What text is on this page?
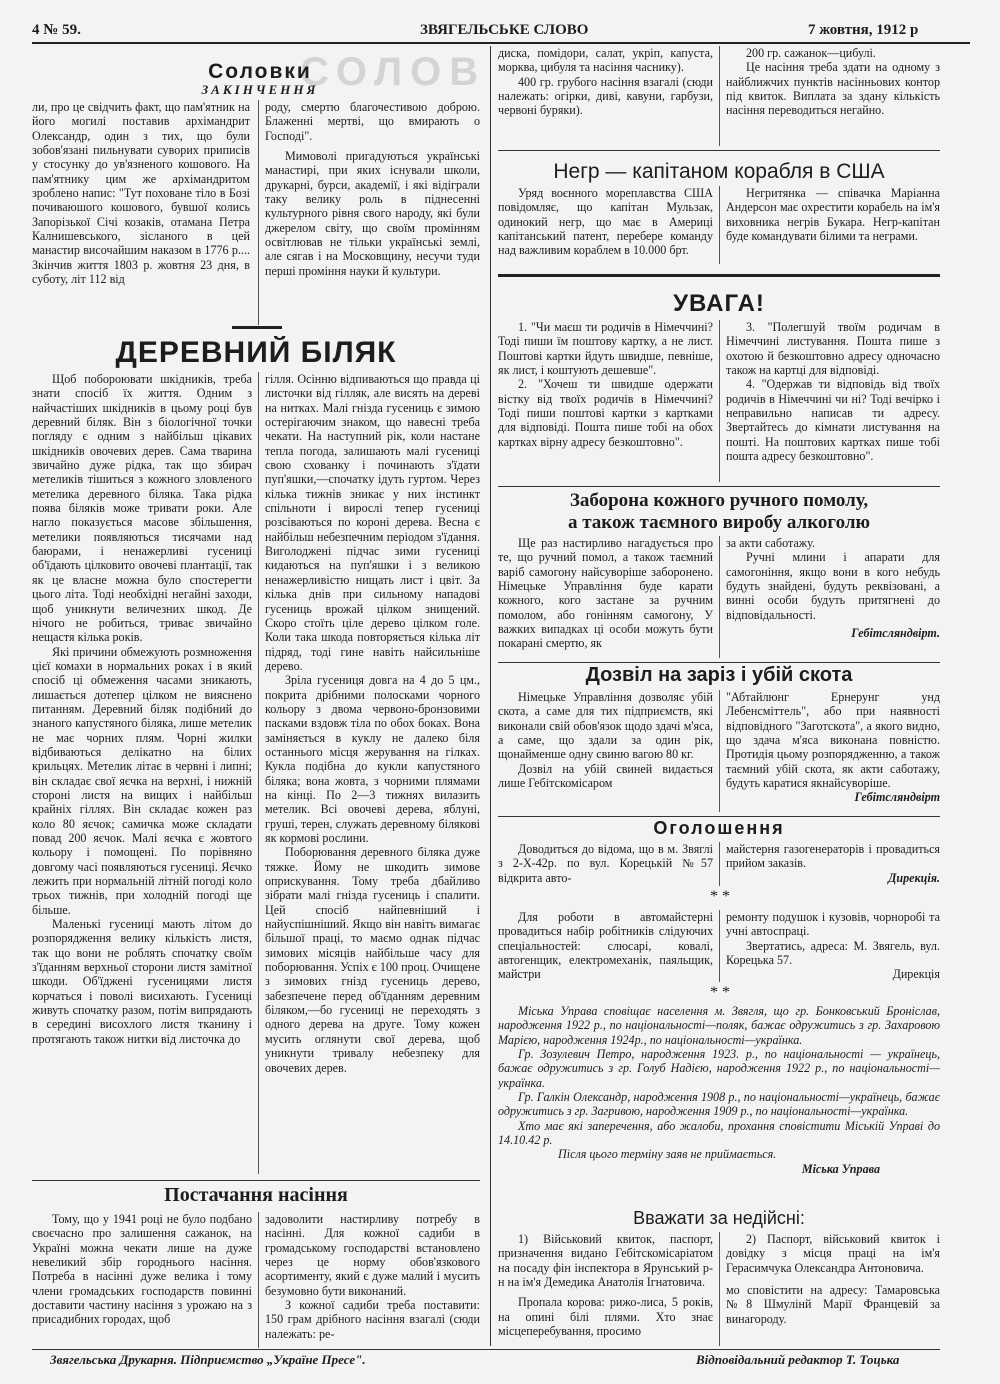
4 № 59.	ЗВЯГЕЛЬСЬКЕ СЛОВО	7 жовтня, 1912 р
СОЛОВ
Соловки
ЗАКІНЧЕННЯ

ли, про це свідчить факт, що пам'ятник на його могилі поставив архімандрит Олександр, один з тих, що були зобов'язані пильнувати суворих приписів у стосунку до ув'язненого кошового. На пам'ятнику цим же архімандритом зроблено напис: "Тут поховане тіло в Бозі почиваюшого кошового, бувшої колись Запорізької Січі козаків, отамана Петра Калнишевського, зісланого в цей манастир височайшим наказом в 1776 р.... Зкінчив життя 1803 р. жовтня 23 дня, в суботу, літ 112 від

роду, смертю благочестивою доброю. Блаженні мертві, що вмирають о Господі".

Мимоволі пригадуються українські манастирі, при яких існували школи, друкарні, бурси, академії, і які відіграли таку велику роль в піднесенні культурного рівня свого народу, які були джерелом світу, що своїм промінням освітлював не тільки українські землі, але сягав і на Московщину, несучи туди перші проміння науки й культури.

ДЕРЕВНИЙ БІЛЯК

Щоб побороювати шкідників, треба знати спосіб їх життя. Одним з найчастіших шкідників в цьому році був деревний біляк. Він з біологічної точки погляду є одним з найбільш цікавих шкідників овочевих дерев. Сама тварина звичайно дуже рідка, так що збирач метеликів тішиться з кожного зловленого метелика деревного біляка. Така рідка поява біляків може тривати роки. Але нагло показується масове збільшення, метелики появляються тисячами над баюрами, і ненажерливі гусениці об'їдають цілковито овочеві плантації, так як це власне можна було спостерегти цього літа. Тоді необхідні негайні заходи, щоб уникнути величезних шкод. Де нічого не робиться, триває звичайно нещастя кілька років.

Які причини обмежують розмноження цієї комахи в нормальних роках і в який спосіб ці обмеження часами зникають, лишається дотепер цілком не вияснено питанням. Деревний біляк подібний до знаного капустяного біляка, лише метелик не має чорних плям. Чорні жилки відбиваються делікатно на білих крильцях. Метелик літає в червні і липні; він складає свої яєчка на верхні, і нижній стороні листя на вищих і найбільш крайніх гіллях. Він складає кожен раз коло 80 яєчок; самичка може складати повад 200 яєчок. Малі яєчка є жовтого кольору і помощені. По порівняно довгому часі появляються гусениці. Яєчко лежить при нормальній літній погоді коло трьох тижнів, при холодній погоді ще більше.

Маленькі гусениці мають літом до розпорядження велику кількість листя, так що вони не роблять спочатку своїм з'їданням верхньої сторони листя замітної шкоди. Об'їджені гусеницями листя корчаться і поволі висихають. Гусениці живуть спочатку разом, потім випрядають в середині висохлого листя тканину і протягають також нитки від листочка до

гілля. Осінню відпиваються що правда ці листочки від гілляк, але висять на дереві на нитках. Малі гнізда гусениць є зимою остерігаючим знаком, що навесні треба чекати. На наступний рік, коли настане тепла погода, залишають малі гусениці свою схованку і починають з'їдати пуп'яшки,—спочатку ідуть гуртом. Через кілька тижнів зникає у них інстинкт спільноти і вирослі тепер гусениці розсіваються по короні дерева. Весна є найбільш небезпечним періодом з'їдання. Виголоджені підчас зими гусениці кидаються на пуп'яшки і з великою ненажерливістю нищать лист і цвіт. За кілька днів при сильному нападові гусениць врожай цілком знищений. Скоро стоїть ціле дерево цілком голе. Коли така шкода повторяється кілька літ підряд, тоді гине навіть найсильніше дерево.

Зріла гусениця довга на 4 до 5 цм., покрита дрібними полосками чорного кольору з двома червоно-бронзовими пасками вздовж тіла по обох боках. Вона заміняється в куклу не далеко біля останнього місця жерування на гілках. Кукла подібна до кукли капустяного біляка; вона жовта, з чорними плямами на кінці. По 2—3 тижнях вилазить метелик. Всі овочеві дерева, яблуні, груші, терен, служать деревному білякові як кормові рослини.

Поборювання деревного біляка дуже тяжке. Йому не шкодить зимове оприскування. Тому треба дбайливо зібрати малі гнізда гусениць і спалити. Цей спосіб найпевніший і найуспішніший. Якщо він навіть вимагає більшої праці, то маємо однак підчас зимових місяців найбільше часу для поборювання. Успіх є 100 проц. Очищене з зимових гнізд гусениць дерево, забезпечене перед об'їданням деревним біляком,—бо гусениці не переходять з одного дерева на друге. Тому кожен мусить оглянути свої дерева, щоб уникнути тривалу небезпеку для овочевих дерев.

Постачання насіння

Тому, що у 1941 році не було подбано своєчасно про залишення сажанок, на Україні можна чекати лише на дуже невеликий збір городнього насіння. Потреба в насінні дуже велика і тому члени громадських господарств повинні доставити частину насіння з урожаю на з присадибних городах, щоб

задоволити настирливу потребу в насінні. Для кожної садиби в громадському господарстві встановлено через це норму обов'язкового асортименту, який є дуже малий і мусить безумовно бути виконаний.

З кожної садиби треба поставити: 150 грам дрібного насіння взагалі (сюди належать: ре-

диска, помідори, салат, укріп, капуста, морква, цибуля та насіння часнику).

400 гр. грубого насіння взагалі (сюди належать: огірки, диві, кавуни, гарбузи, червоні буряки).

200 гр. сажанок—цибулі.

Це насіння треба здати на одному з найближчих пунктів насінньових контор під квиток. Виплата за здану кількість насіння переводиться негайно.

Негр — капітаном корабля в США

Уряд воєнного мореплавства США повідомляє, що капітан Мульзак, одинокий негр, що має в Америці капітанський патент, перебере команду над важливим кораблем в 10.000 брт.

Негритянка — співачка Маріанна Андерсон має охрестити корабель на ім'я виховника негрів Букара. Негр-капітан буде командувати білими та неграми.

УВАГА!

1. "Чи маєш ти родичів в Німеччині? Тоді пиши їм поштову картку, а не лист. Поштові картки йдуть швидше, певніше, як лист, і коштують дешевше".

2. "Хочеш ти швидше одержати вістку від твоїх родичів в Німеччині? Тоді пиши поштові картки з картками для відповіді. Пошта пише тобі на обох картках вірну адресу безкоштовно".

3. "Полегшуй твоїм родичам в Німеччині листування. Пошта пише з охотою й безкоштовно адресу одночасно також на картці для відповіді.

4. "Одержав ти відповідь від твоїх родичів в Німеччині чи ні? Тоді вечірко і неправильно написав ти адресу. Звертайтесь до кімнати листування на пошті. На поштових картках пише тобі пошта адресу безкоштовно".

Заборона кожного ручного помолу,
а також таємного виробу алкоголю

Ще раз настирливо нагадується про те, що ручний помол, а також таємний варіб самогону найсуворіше заборонено. Німецьке Управління буде карати кожного, кого застане за ручним помолом, або гонінням самогону, У важких випадках ці особи можуть бути покарані смертю, як

за акти саботажу.

Ручні млини і апарати для самогоніння, якщо вони в кого небудь будуть знайдені, будуть реквізовані, а винні особи будуть притягнені до відповідальності.

Гебітсляндвірт.
Дозвіл на заріз і убій скота

Німецьке Управління дозволяє убій скота, а саме для тих підприємств, які виконали свій обов'язок щодо здачі м'яса, а саме, що здали за один рік, щонайменше одну свиню вагою 80 кг.

Дозвіл на убій свиней видається лише Гебітскомісаром

"Абтайлюнг Ернерунг унд Лебенсміттель", або при наявності відповідного "Заготскота", а якого видно, що здача м'яса виконана повністю. Протидія цьому розпорядженню, а також таємний убій скота, як акти саботажу, будуть каратися якнайсуворіше.

Гебітсляндвірт
Оголошення

Доводиться до відома, що в м. Звяглі з 2-Х-42р. по вул. Корецькій №57 відкрита авто-

майстерня газогенераторів і провадиться прийом заказів.

Дирекція.
* *

Для роботи в автомайстерні провадиться набір робітників слідуючих спеціальностей: слюсарі, ковалі, автогенщик, електромеханік, паяльщик, майстри

ремонту подушок і кузовів, чорноробі та учні автоспраці.

Звертатись, адреса: М. Звягель, вул. Корецька 57.

Дирекція
* *

Міська Управа сповіщає населення м. Звягля, що гр. Бонковський Броніслав, народження 1922 р., по національності—поляк, бажає одружитись з гр. Захаровою Марією, народження 1924р., по національності—українка.

Гр. Зозулевич Петро, народження 1923. р., по національності — українець, бажає одружитись з гр. Голуб Надією, народження 1922 р., по національності—українка.

Гр. Галкін Олександр, народження 1908 р., по національності—українець, бажає одружитись з гр. Загривою, народження 1909 р., по національності—українка.

Хто має які заперечення, або жалоби, прохання сповістити Міській Управі до 14.10.42 р.

Після цього терміну заяв не приймається.

Міська Управа
Вважати за недійсні:

1) Військовий квиток, паспорт, призначення видано Гебітскомісаріатом на посаду фін інспектора в Ярунський р-н на ім'я Демедика Анатолія Ігнатовича.

Пропала корова: рижо-лиса, 5 років, на опині білі плями. Хто знає місцеперебування, просимо

2) Паспорт, військовий квиток і довідку з місця праці на ім'я Герасимчука Олександра Антоновича.

мо сповістити на адресу: Тамаровська №8 Шмулінй Марії Францевій за винагороду.

Звягельська Друкарня. Підприємство „Україне Пресе".	Відповідальний редактор Т. Тоцька
